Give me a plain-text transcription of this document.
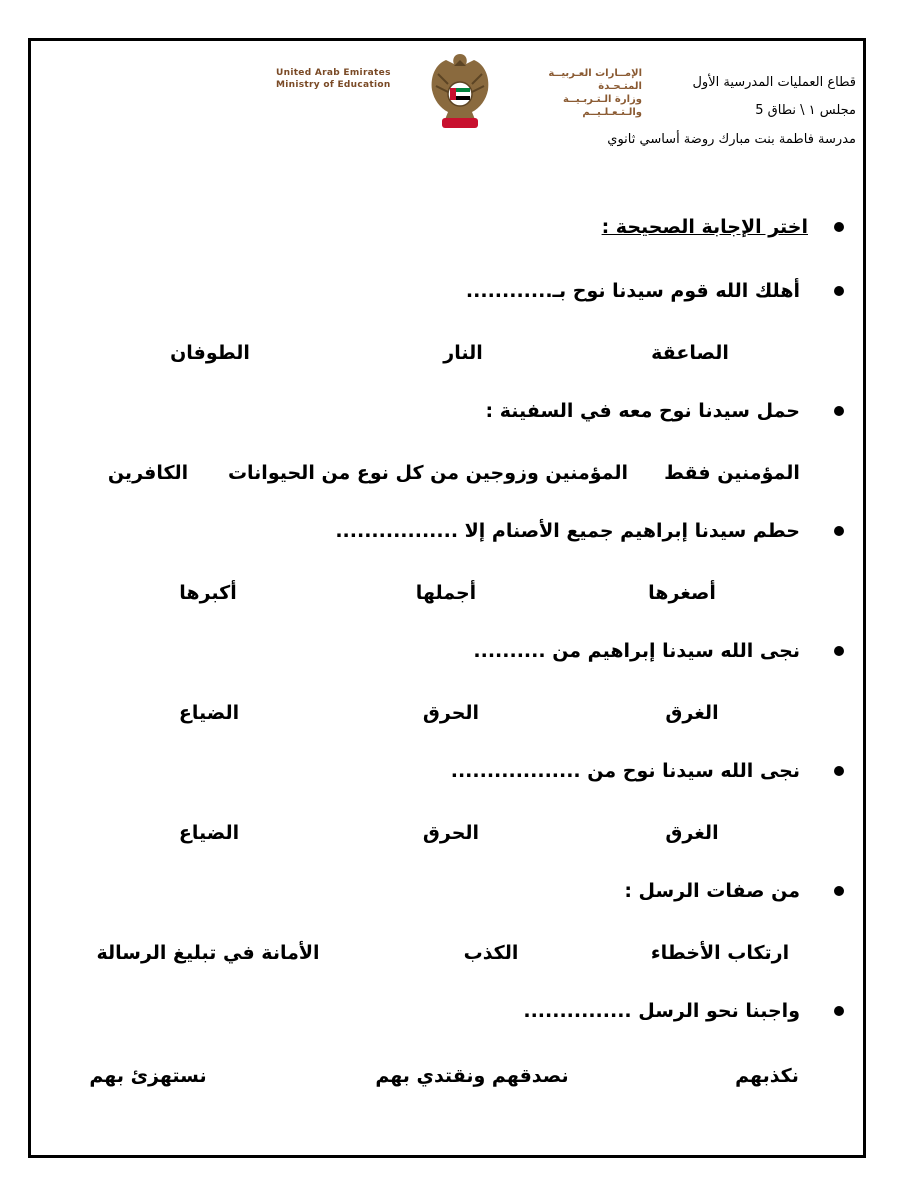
قطاع العمليات المدرسية الأول
مجلس ١ \ نطاق 5
مدرسة فاطمة بنت مبارك روضة أساسي ثانوي
United Arab Emirates
Ministry of Education
الإمــارات العـربيــة المتـحـدة
وزارة الـتـربـيــة والـتـعـلـيــم
اختر الإجابة الصحيحة :
أهلك الله قوم سيدنا نوح بـ............
الصاعقة
النار
الطوفان
حمل سيدنا نوح معه في السفينة :
المؤمنين فقط
المؤمنين وزوجين من كل نوع من الحيوانات
الكافرين
حطم سيدنا إبراهيم جميع الأصنام إلا .................
أصغرها
أجملها
أكبرها
نجى الله سيدنا إبراهيم من ..........
الغرق
الحرق
الضياع
نجى الله سيدنا نوح من ..................
الغرق
الحرق
الضياع
من صفات الرسل :
ارتكاب الأخطاء
الكذب
الأمانة في تبليغ الرسالة
واجبنا نحو الرسل ...............
نكذبهم
نصدقهم ونقتدي بهم
نستهزئ بهم
